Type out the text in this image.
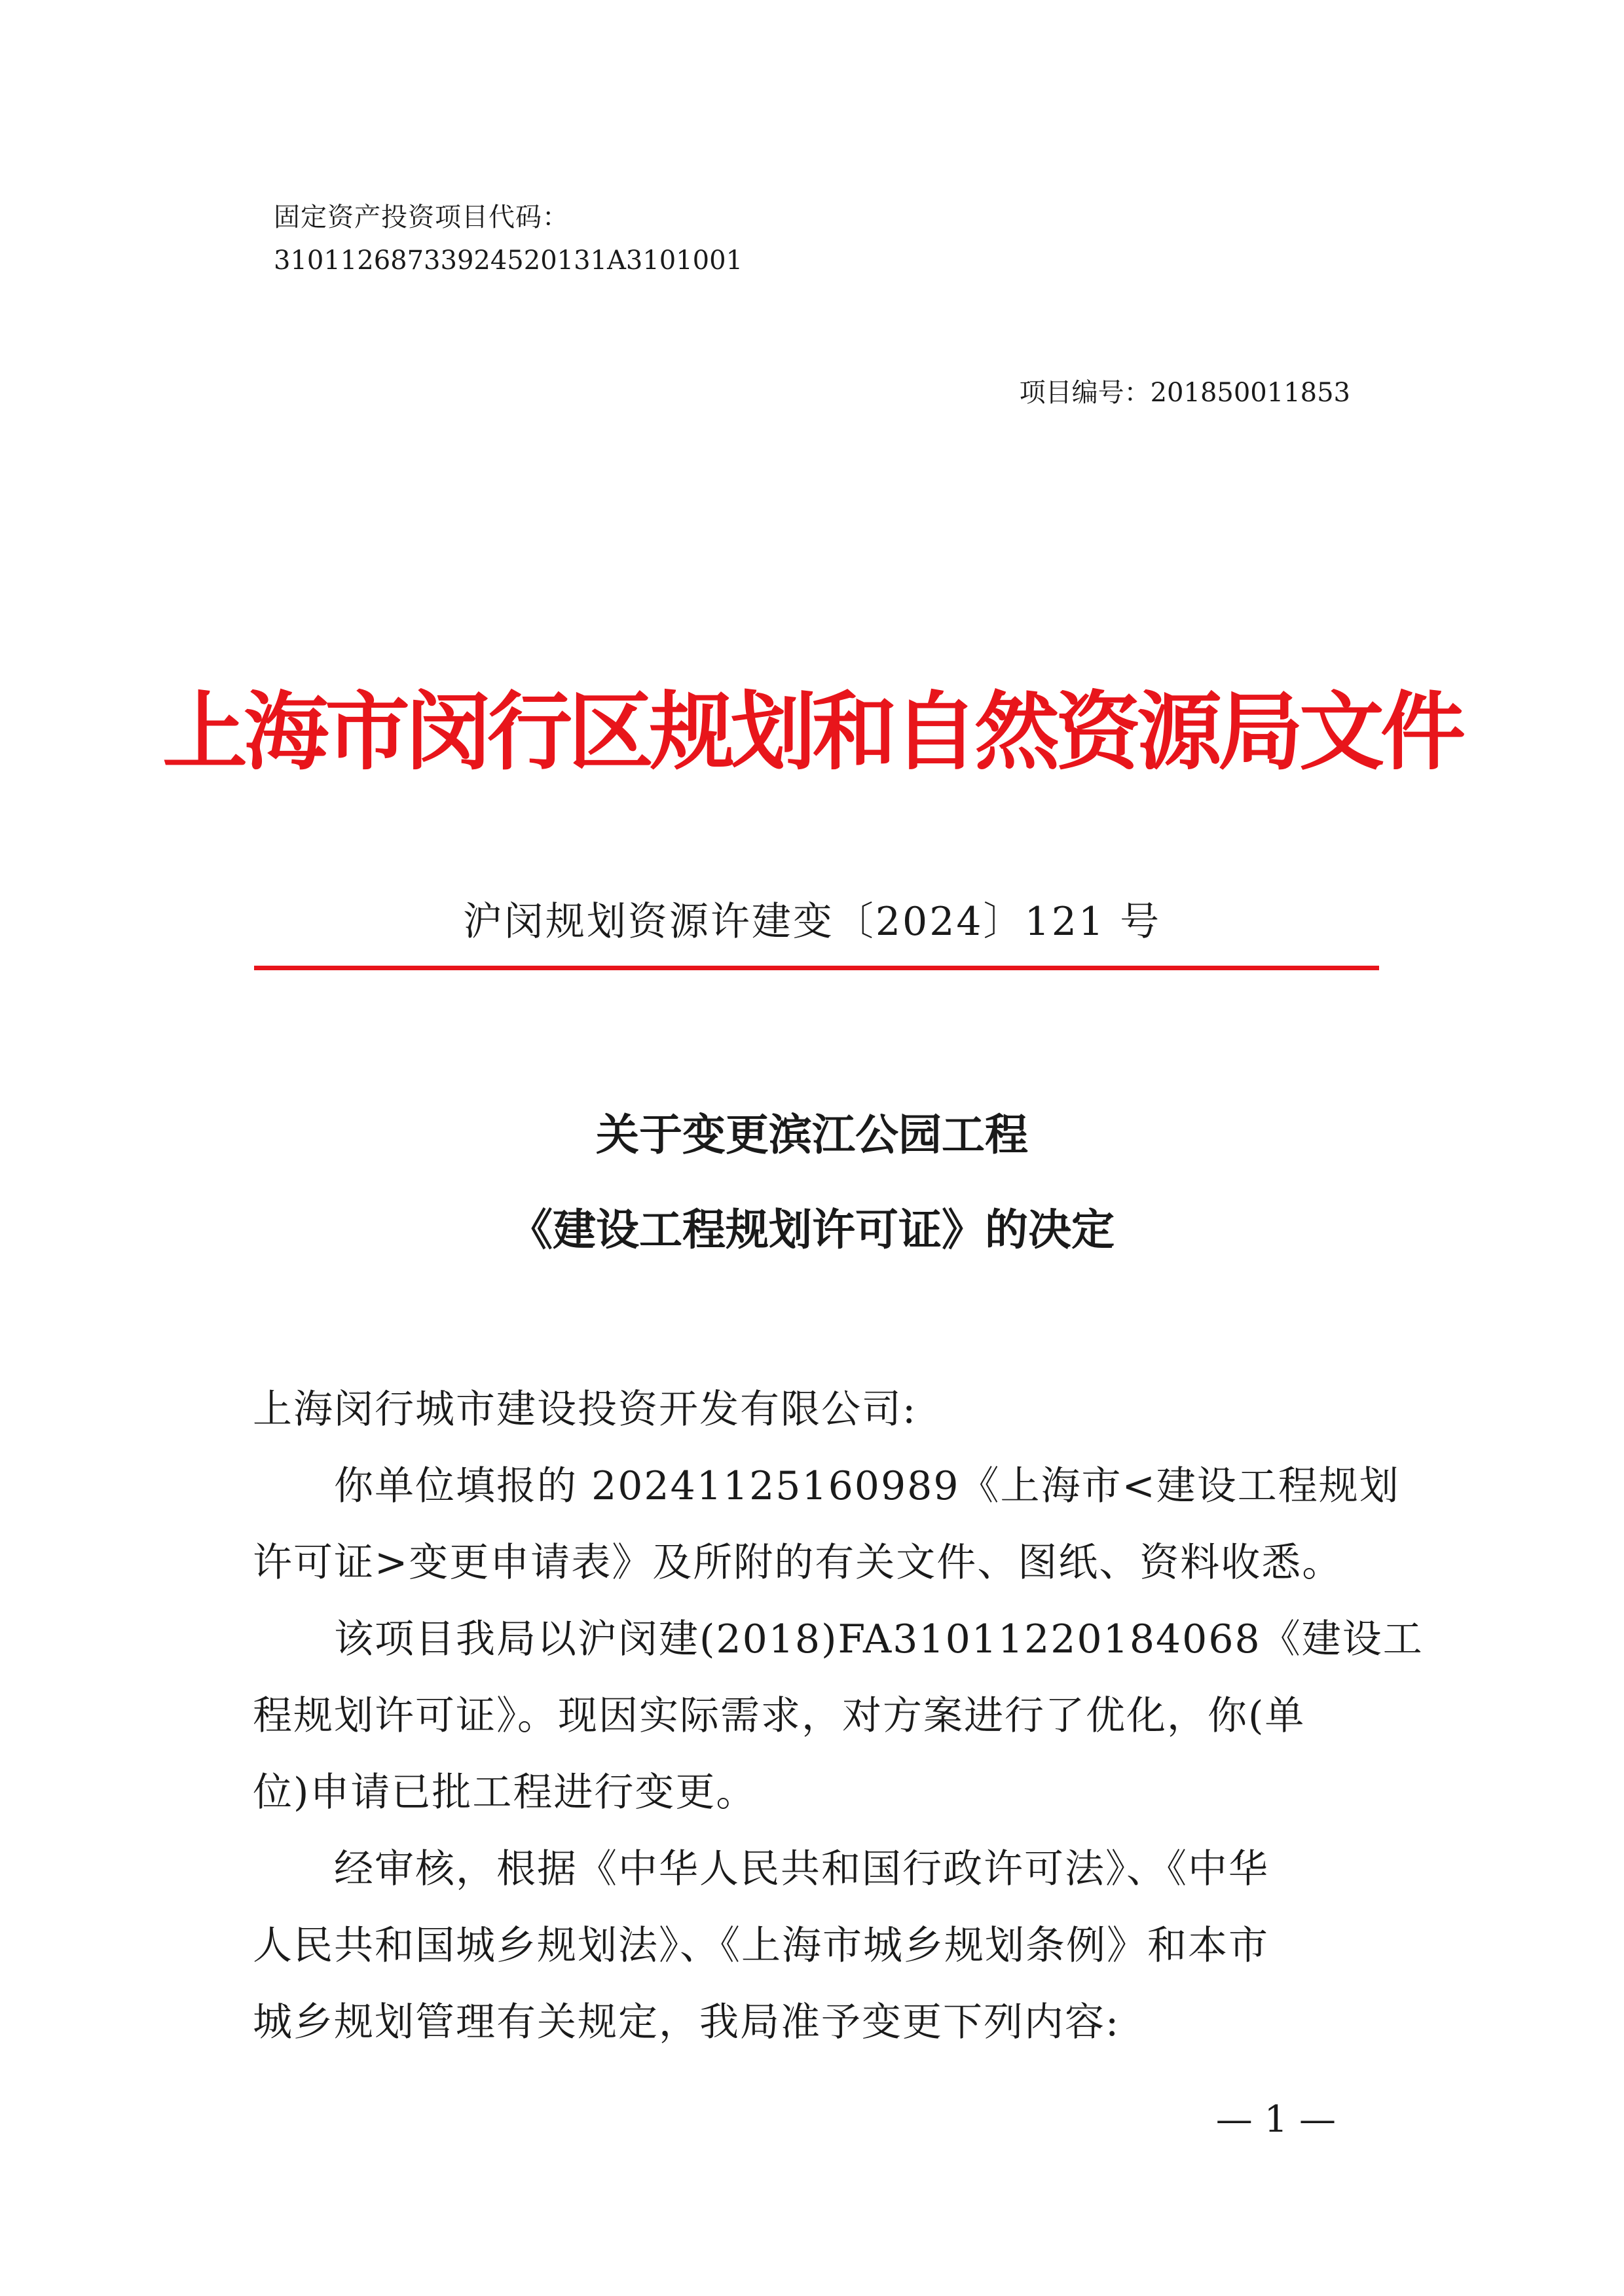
固定资产投资项目代码：
31011268733924520131A3101001
项目编号：201850011853
上海市闵行区规划和自然资源局文件
沪闵规划资源许建变〔2024〕121 号
关于变更滨江公园工程
《建设工程规划许可证》的决定
上海闵行城市建设投资开发有限公司:
你单位填报的 20241125160989《上海市<建设工程规划
许可证>变更申请表》及所附的有关文件、图纸、资料收悉。
该项目我局以沪闵建(2018)FA31011220184068《建设工
程规划许可证》。现因实际需求，对方案进行了优化，你(单
位)申请已批工程进行变更。
经审核，根据《中华人民共和国行政许可法》、《中华
人民共和国城乡规划法》、《上海市城乡规划条例》和本市
城乡规划管理有关规定，我局准予变更下列内容:
— 1 —
